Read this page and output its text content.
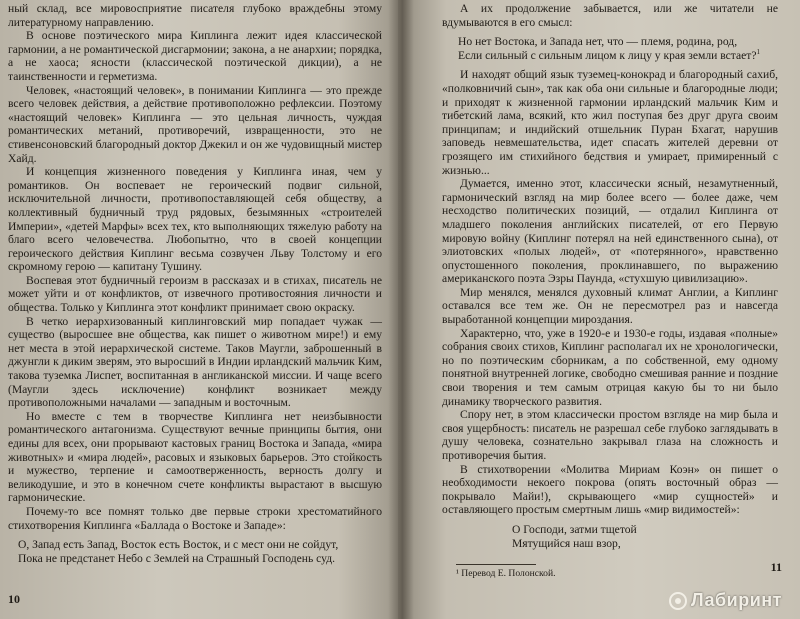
ный склад, все мировосприятие писателя глубоко враждебны этому литературному направлению.

В основе поэтического мира Киплинга лежит идея классической гармонии, а не романтической дисгармонии; закона, а не анархии; порядка, а не хаоса; ясности (классической поэтической дикции), а не таинственности и герметизма.

Человек, «настоящий человек», в понимании Киплинга — это прежде всего человек действия, а действие противоположно рефлексии. Поэтому «настоящий человек» Киплинга — это цельная личность, чуждая романтических метаний, противоречий, извращенности, это не стивенсоновский благородный доктор Джекил и он же чудовищный мистер Хайд.

И концепция жизненного поведения у Киплинга иная, чем у романтиков. Он воспевает не героический подвиг сильной, исключительной личности, противопоставляющей себя обществу, а коллективный будничный труд рядовых, безымянных «строителей Империи», «детей Марфы» всех тех, кто выполняющих тяжелую работу на благо всего человечества. Любопытно, что в своей концепции героического действия Киплинг весьма созвучен Льву Толстому и его скромному герою — капитану Тушину.

Воспевая этот будничный героизм в рассказах и в стихах, писатель не может уйти и от конфликтов, от извечного противостояния личности и общества. Только у Киплинга этот конфликт принимает свою окраску.

В четко иерархизованный киплинговский мир попадает чужак — существо (выросшее вне общества, как пишет о животном мире!) и ему нет места в этой иерархической системе. Таков Маугли, заброшенный в джунгли к диким зверям, это выросший в Индии ирландский мальчик Ким, такова туземка Лиспет, воспитанная в англиканской миссии. И чаще всего (Маугли здесь исключение) конфликт возникает между противоположными началами — западным и восточным.

Но вместе с тем в творчестве Киплинга нет неизбывности романтического антагонизма. Существуют вечные принципы бытия, они едины для всех, они прорывают кастовых границ Востока и Запада, «мира животных» и «мира людей», расовых и языковых барьеров. Это стойкость и мужество, терпение и самоотверженность, верность долгу и великодушие, и это в конечном счете конфликты вырастают в высшую гармонические.

Почему-то все помнят только две первые строки хрестоматийного стихотворения Киплинга «Баллада о Востоке и Западе»:

О, Запад есть Запад, Восток есть Восток, и с мест они не сойдут,
Пока не предстанет Небо с Землей на Страшный Господень суд.
10

А их продолжение забывается, или же читатели не вдумываются в его смысл:

Но нет Востока, и Запада нет, что — племя, родина, род,
Если сильный с сильным лицом к лицу у края земли встает?$^1$

И находят общий язык туземец-конокрад и благородный сахиб, «полковничий сын», так как оба они сильные и благородные люди; и приходят к жизненной гармонии ирландский мальчик Ким и тибетский лама, всякий, кто жил поступая без друг друга своим принципам; и индийский отшельник Пуран Бхагат, нарушив заповедь невмешательства, идет спасать жителей деревни от грозящего им стихийного бедствия и умирает, примиренный с жизнью...

Думается, именно этот, классически ясный, незамутненный, гармонический взгляд на мир более всего — более даже, чем несходство политических позиций, — отдалил Киплинга от младшего поколения английских писателей, от его Первую мировую войну (Киплинг потерял на ней единственного сына), от элиотовских «полых людей», от «потерянного», нравственно опустошенного поколения, проклинавшего, по выражению американского поэта Эзры Паунда, «стухшую цивилизацию».

Мир менялся, менялся духовный климат Англии, а Киплинг оставался все тем же. Он не пересмотрел раз и навсегда выработанной концепции мироздания.

Характерно, что, уже в 1920-е и 1930-е годы, издавая «полные» собрания своих стихов, Киплинг располагал их не хронологически, но по поэтическим сборникам, а по собственной, ему одному понятной внутренней логике, свободно смешивая ранние и поздние свои творения и тем самым отрицая какую бы то ни было динамику творческого развития.

Спору нет, в этом классически простом взгляде на мир была и своя ущербность: писатель не разрешал себе глубоко заглядывать в душу человека, сознательно закрывал глаза на сложность и противоречия бытия.

В стихотворении «Молитва Мириам Коэн» он пишет о необходимости некоего покрова (опять восточный образ — покрывало Майи!), скрывающего «мир сущностей» и оставляющего простым смертным лишь «мир видимостей»:

О Господи, затми тщетой
Мятущийся наш взор,
¹ Перевод Е. Полонской.	11
Лабиринт
